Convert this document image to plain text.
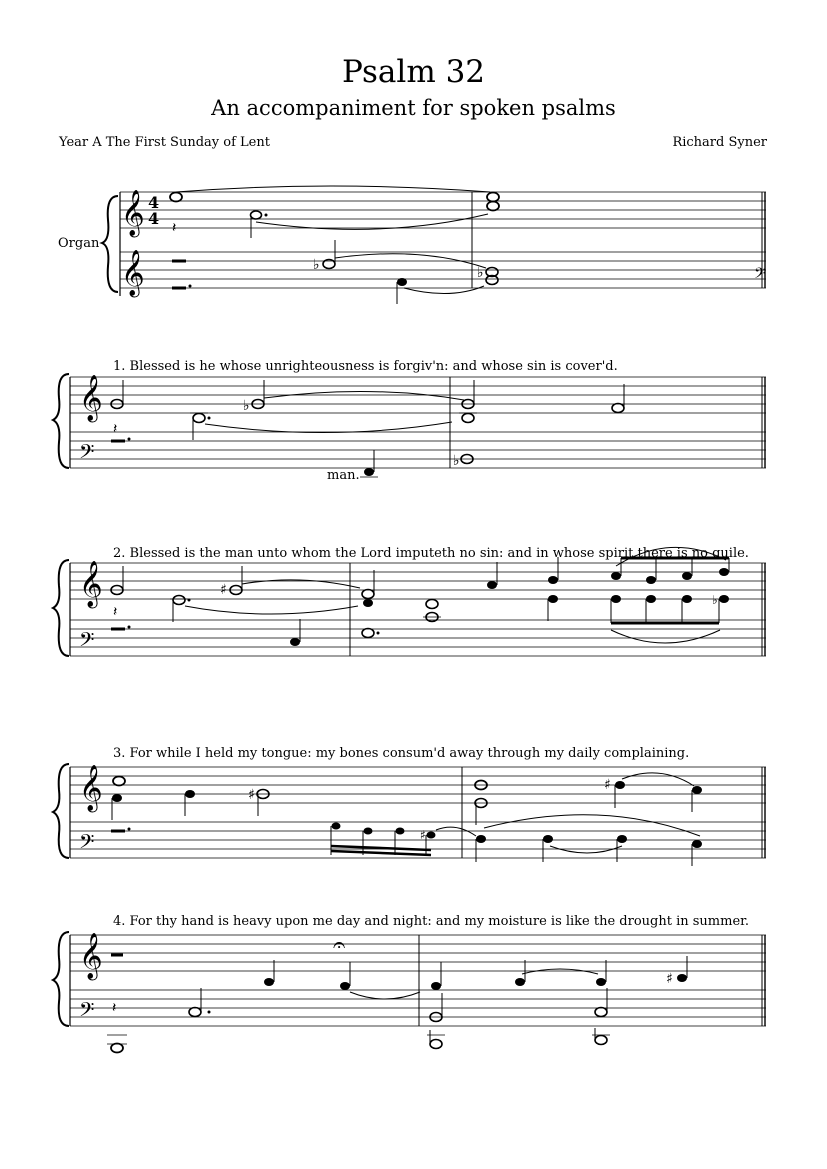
Psalm 32
An accompaniment for spoken psalms
Year A The First Sunday of Lent	Richard Syner
Organ
𝄞
𝄞
4
4
𝄢
𝄽
♭	♭
1. Blessed is he whose unrighteousness is forgiv'n: and whose sin is cover'd.
𝄞
𝄢
𝄽
♭
man.
♭
2. Blessed is the man unto whom the Lord imputeth no sin: and in whose spirit there is no guile.
𝄞
𝄢
𝄽
♯
♭
3. For while I held my tongue: my bones consum'd away through my daily complaining.
𝄞
𝄢
♯
♯
♯
4. For thy hand is heavy upon me day and night: and my moisture is like the drought in summer.
𝄞
𝄢
𝄐
♯
𝄽
